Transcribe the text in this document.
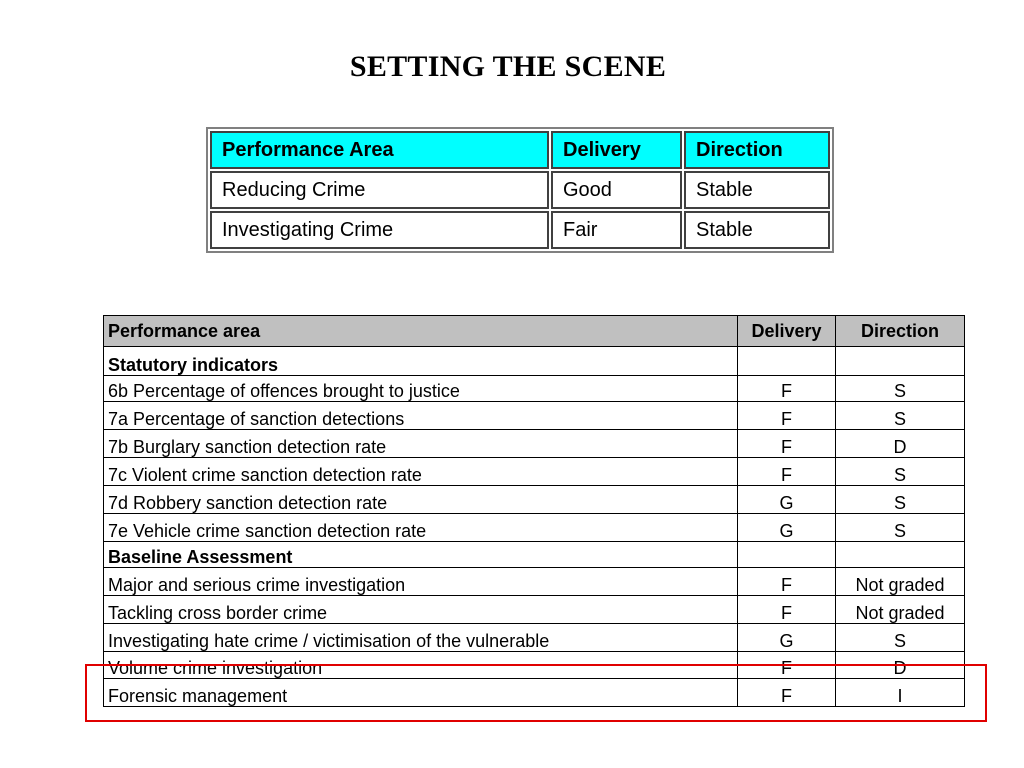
SETTING THE SCENE
Performance Area	Delivery	Direction
Reducing Crime	Good	Stable
Investigating Crime	Fair	Stable
Performance area	Delivery	Direction
Statutory indicators		
6b Percentage of offences brought to justice	F	S
7a Percentage of sanction detections	F	S
7b Burglary sanction detection rate	F	D
7c Violent crime sanction detection rate	F	S
7d Robbery sanction detection rate	G	S
7e Vehicle crime sanction detection rate	G	S
Baseline Assessment		
Major and serious crime investigation	F	Not graded
Tackling cross border crime	F	Not graded
Investigating hate crime / victimisation of the vulnerable	G	S
Volume crime investigation	F	D
Forensic management	F	I
